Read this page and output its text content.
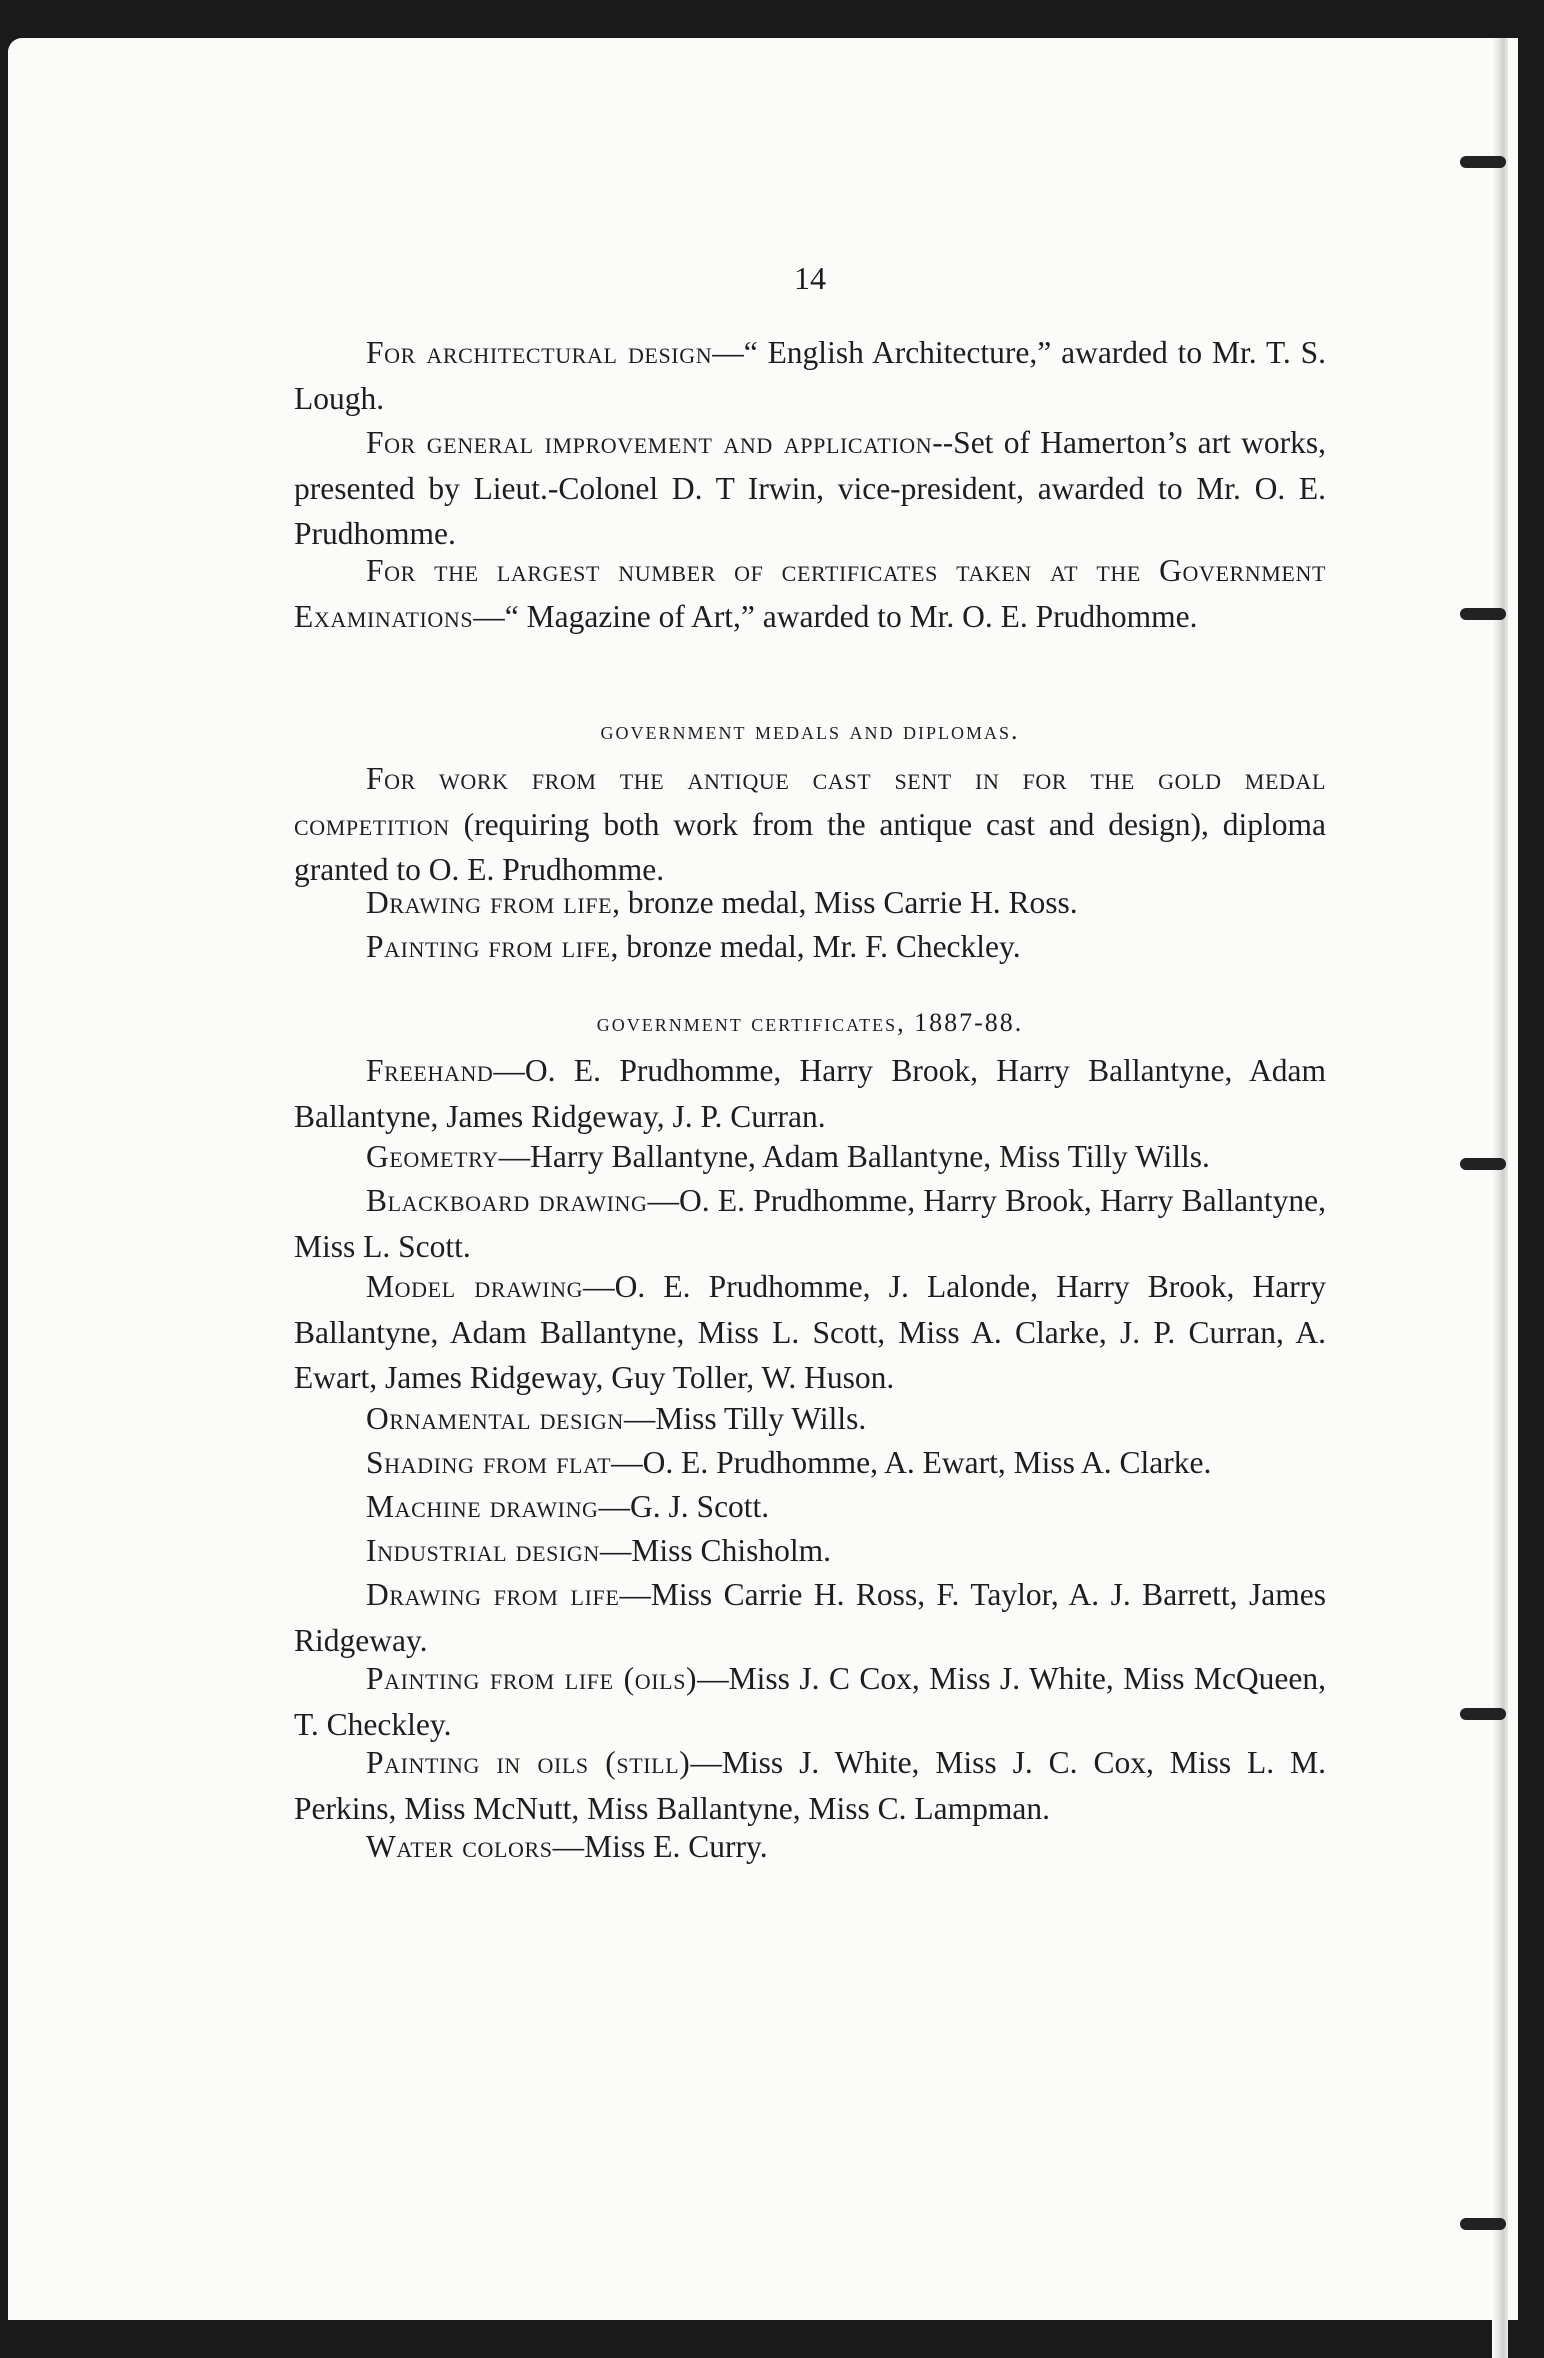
14

For architectural design—“ English Architecture,” awarded to Mr. T. S. Lough.

For general improvement and application--Set of Hamerton’s art works, presented by Lieut.-Colonel D. T Irwin, vice-president, awarded to Mr. O. E. Prudhomme.

For the largest number of certificates taken at the Government Examinations—“ Magazine of Art,” awarded to Mr. O. E. Prudhomme.

government medals and diplomas.

For work from the antique cast sent in for the gold medal competition (requiring both work from the antique cast and design), diploma granted to O. E. Prudhomme.

Drawing from life, bronze medal, Miss Carrie H. Ross.

Painting from life, bronze medal, Mr. F. Checkley.

government certificates, 1887-88.

Freehand—O. E. Prudhomme, Harry Brook, Harry Ballantyne, Adam Ballantyne, James Ridgeway, J. P. Curran.

Geometry—Harry Ballantyne, Adam Ballantyne, Miss Tilly Wills.

Blackboard drawing—O. E. Prudhomme, Harry Brook, Harry Ballantyne, Miss L. Scott.

Model drawing—O. E. Prudhomme, J. Lalonde, Harry Brook, Harry Ballantyne, Adam Ballantyne, Miss L. Scott, Miss A. Clarke, J. P. Curran, A. Ewart, James Ridgeway, Guy Toller, W. Huson.

Ornamental design—Miss Tilly Wills.

Shading from flat—O. E. Prudhomme, A. Ewart, Miss A. Clarke.

Machine drawing—G. J. Scott.

Industrial design—Miss Chisholm.

Drawing from life—Miss Carrie H. Ross, F. Taylor, A. J. Barrett, James Ridgeway.

Painting from life (oils)—Miss J. C Cox, Miss J. White, Miss McQueen, T. Checkley.

Painting in oils (still)—Miss J. White, Miss J. C. Cox, Miss L. M. Perkins, Miss McNutt, Miss Ballantyne, Miss C. Lampman.

Water colors—Miss E. Curry.
